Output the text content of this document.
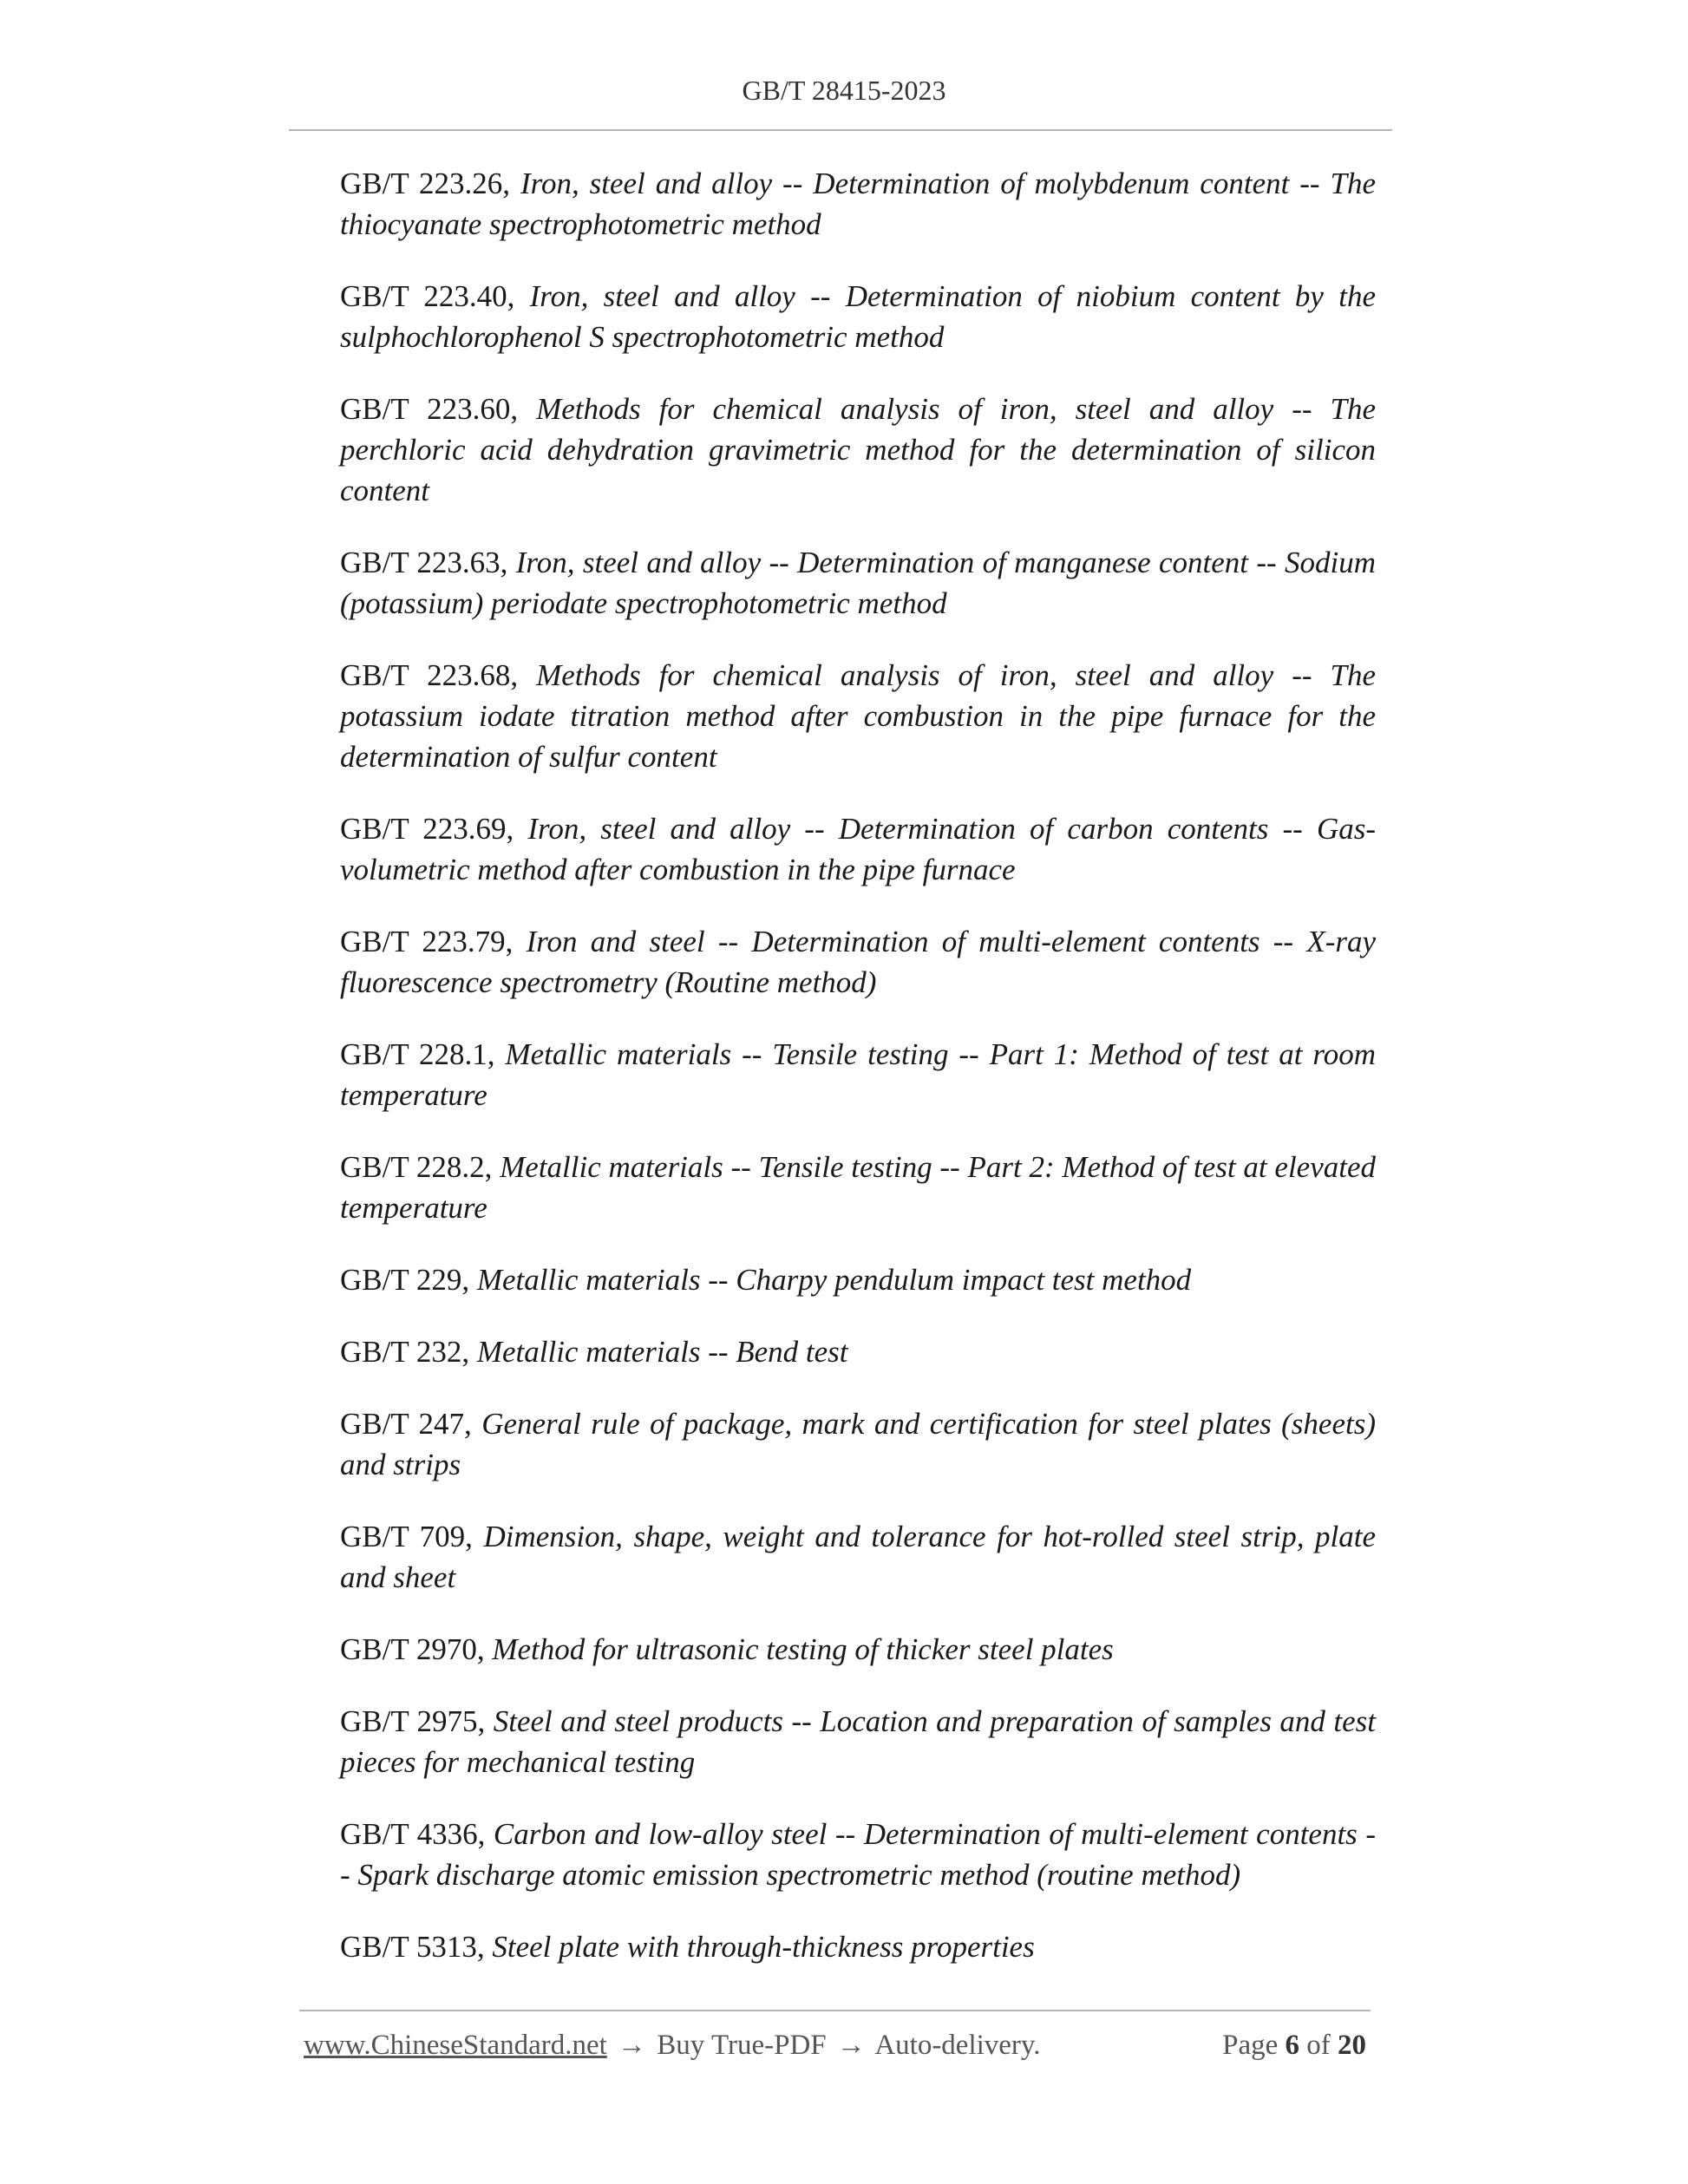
GB/T 28415-2023

GB/T 223.26, Iron, steel and alloy -- Determination of molybdenum content -- The thiocyanate spectrophotometric method

GB/T 223.40, Iron, steel and alloy -- Determination of niobium content by the sulphochlorophenol S spectrophotometric method

GB/T 223.60, Methods for chemical analysis of iron, steel and alloy -- The perchloric acid dehydration gravimetric method for the determination of silicon content

GB/T 223.63, Iron, steel and alloy -- Determination of manganese content -- Sodium (potassium) periodate spectrophotometric method

GB/T 223.68, Methods for chemical analysis of iron, steel and alloy -- The potassium iodate titration method after combustion in the pipe furnace for the determination of sulfur content

GB/T 223.69, Iron, steel and alloy -- Determination of carbon contents -- Gas-volumetric method after combustion in the pipe furnace

GB/T 223.79, Iron and steel -- Determination of multi-element contents -- X-ray fluorescence spectrometry (Routine method)

GB/T 228.1, Metallic materials -- Tensile testing -- Part 1: Method of test at room temperature

GB/T 228.2, Metallic materials -- Tensile testing -- Part 2: Method of test at elevated temperature

GB/T 229, Metallic materials -- Charpy pendulum impact test method

GB/T 232, Metallic materials -- Bend test

GB/T 247, General rule of package, mark and certification for steel plates (sheets) and strips

GB/T 709, Dimension, shape, weight and tolerance for hot-rolled steel strip, plate and sheet

GB/T 2970, Method for ultrasonic testing of thicker steel plates

GB/T 2975, Steel and steel products -- Location and preparation of samples and test pieces for mechanical testing

GB/T 4336, Carbon and low-alloy steel -- Determination of multi-element contents -- Spark discharge atomic emission spectrometric method (routine method)

GB/T 5313, Steel plate with through-thickness properties

www.ChineseStandard.net → Buy True-PDF → Auto-delivery.	Page 6 of 20
